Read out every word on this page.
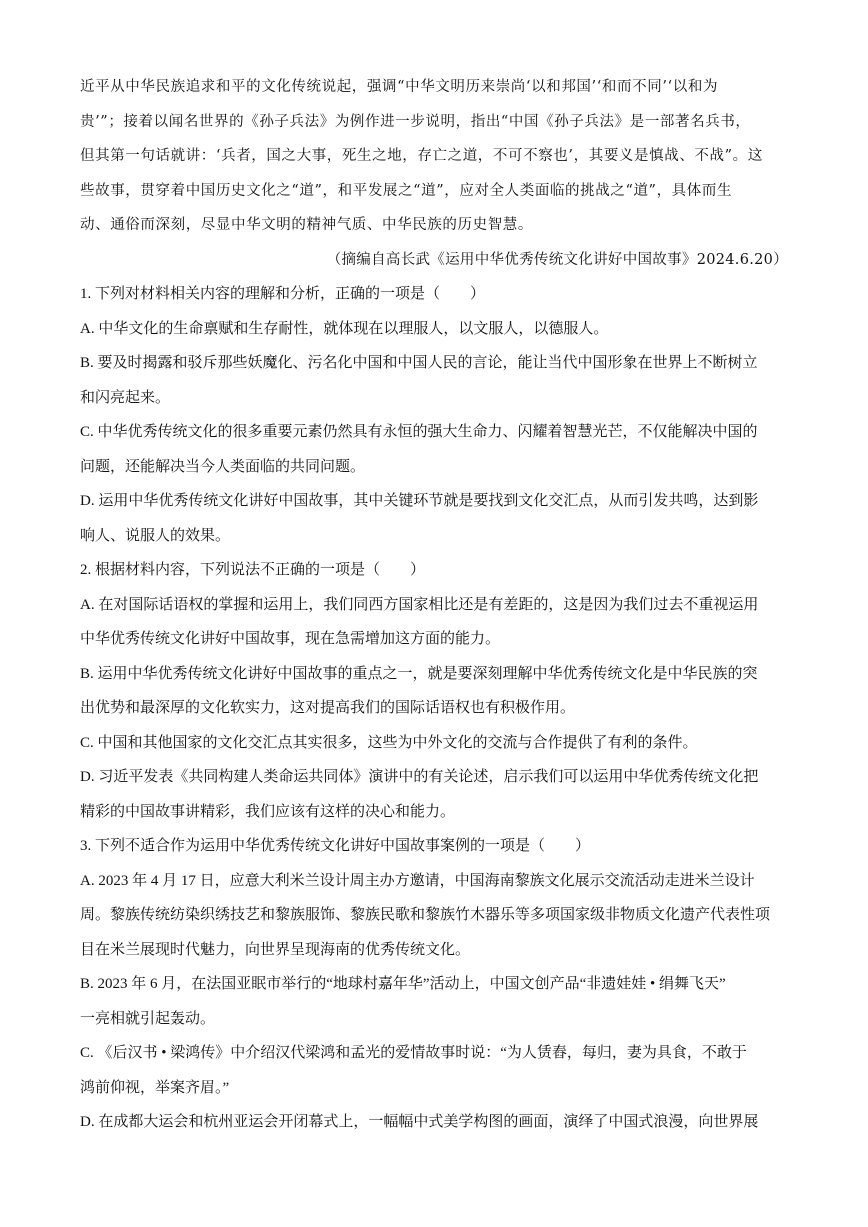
近平从中华民族追求和平的文化传统说起，强调“中华文明历来崇尚‘以和邦国’‘和而不同’‘以和为
贵’”；接着以闻名世界的《孙子兵法》为例作进一步说明，指出“中国《孙子兵法》是一部著名兵书，
但其第一句话就讲：‘兵者，国之大事，死生之地，存亡之道，不可不察也’，其要义是慎战、不战”。这
些故事，贯穿着中国历史文化之“道”，和平发展之“道”，应对全人类面临的挑战之“道”，具体而生
动、通俗而深刻，尽显中华文明的精神气质、中华民族的历史智慧。

（摘编自高长武《运用中华优秀传统文化讲好中国故事》2024.6.20）

1. 下列对材料相关内容的理解和分析，正确的一项是（　　）

A. 中华文化的生命禀赋和生存耐性，就体现在以理服人，以文服人，以德服人。

B. 要及时揭露和驳斥那些妖魔化、污名化中国和中国人民的言论，能让当代中国形象在世界上不断树立
和闪亮起来。

C. 中华优秀传统文化的很多重要元素仍然具有永恒的强大生命力、闪耀着智慧光芒，不仅能解决中国的
问题，还能解决当今人类面临的共同问题。

D. 运用中华优秀传统文化讲好中国故事，其中关键环节就是要找到文化交汇点，从而引发共鸣，达到影
响人、说服人的效果。

2. 根据材料内容，下列说法不正确的一项是（　　）

A. 在对国际话语权的掌握和运用上，我们同西方国家相比还是有差距的，这是因为我们过去不重视运用
中华优秀传统文化讲好中国故事，现在急需增加这方面的能力。

B. 运用中华优秀传统文化讲好中国故事的重点之一，就是要深刻理解中华优秀传统文化是中华民族的突
出优势和最深厚的文化软实力，这对提高我们的国际话语权也有积极作用。

C. 中国和其他国家的文化交汇点其实很多，这些为中外文化的交流与合作提供了有利的条件。

D. 习近平发表《共同构建人类命运共同体》演讲中的有关论述，启示我们可以运用中华优秀传统文化把
精彩的中国故事讲精彩，我们应该有这样的决心和能力。

3. 下列不适合作为运用中华优秀传统文化讲好中国故事案例的一项是（　　）

A. 2023 年 4 月 17 日，应意大利米兰设计周主办方邀请，中国海南黎族文化展示交流活动走进米兰设计
周。黎族传统纺染织绣技艺和黎族服饰、黎族民歌和黎族竹木器乐等多项国家级非物质文化遗产代表性项
目在米兰展现时代魅力，向世界呈现海南的优秀传统文化。

B. 2023 年 6 月，在法国亚眠市举行的“地球村嘉年华”活动上，中国文创产品“非遗娃娃 • 绢舞飞天”
一亮相就引起轰动。

C. 《后汉书 • 梁鸿传》中介绍汉代梁鸿和孟光的爱情故事时说：“为人赁舂，每归，妻为具食，不敢于
鸿前仰视，举案齐眉。”

D. 在成都大运会和杭州亚运会开闭幕式上，一幅幅中式美学构图的画面，演绎了中国式浪漫，向世界展
